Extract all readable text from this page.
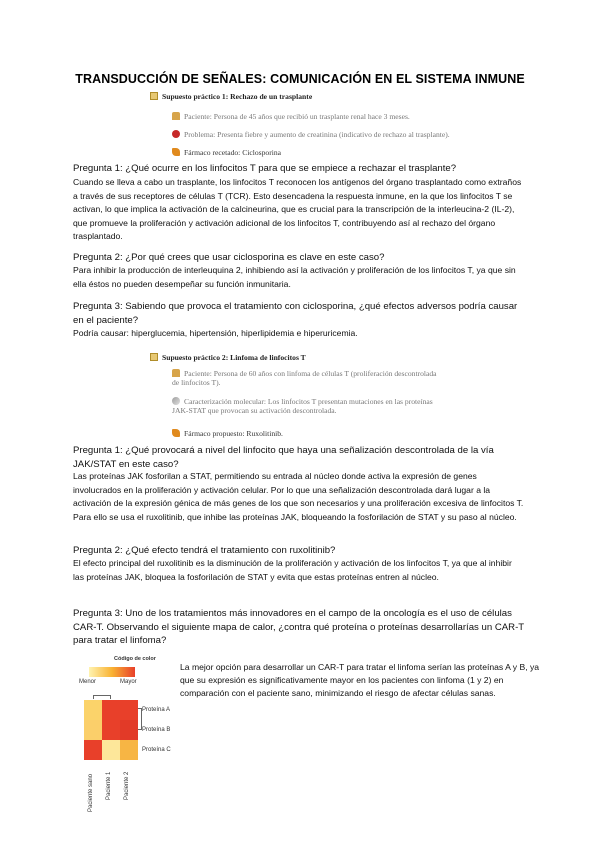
TRANSDUCCIÓN DE SEÑALES: COMUNICACIÓN EN EL SISTEMA INMUNE
Supuesto práctico 1: Rechazo de un trasplante
Paciente: Persona de 45 años que recibió un trasplante renal hace 3 meses.
Problema: Presenta fiebre y aumento de creatinina (indicativo de rechazo al trasplante).
Fármaco recetado: Ciclosporina
Pregunta 1: ¿Qué ocurre en los linfocitos T para que se empiece a rechazar el trasplante?
Cuando se lleva a cabo un trasplante, los linfocitos T reconocen los antígenos del órgano trasplantado como extraños a través de sus receptores de células T (TCR). Esto desencadena la respuesta inmune, en la que los linfocitos T se activan, lo que implica la activación de la calcineurina, que es crucial para la transcripción de la interleucina-2 (IL-2), que promueve la proliferación y activación adicional de los linfocitos T, contribuyendo así al rechazo del órgano trasplantado.
Pregunta 2: ¿Por qué crees que usar ciclosporina es clave en este caso?
Para inhibir la producción de interleuquina 2, inhibiendo así la activación y proliferación de los linfocitos T, ya que sin ella éstos no pueden desempeñar su función inmunitaria.
Pregunta 3: Sabiendo que provoca el tratamiento con ciclosporina, ¿qué efectos adversos podría causar en el paciente?
Podría causar: hiperglucemia, hipertensión, hiperlipidemia e hiperuricemia.
Supuesto práctico 2: Linfoma de linfocitos T
Paciente: Persona de 60 años con linfoma de células T (proliferación descontrolada de linfocitos T).
Caracterización molecular: Los linfocitos T presentan mutaciones en las proteínas JAK-STAT que provocan su activación descontrolada.
Fármaco propuesto: Ruxolitinib.
Pregunta 1: ¿Qué provocará a nivel del linfocito que haya una señalización descontrolada de la vía JAK/STAT en este caso?
Las proteínas JAK fosforilan a STAT, permitiendo su entrada al núcleo donde activa la expresión de genes involucrados en la proliferación y activación celular. Por lo que una señalización descontrolada dará lugar a la activación de la expresión génica de más genes de los que son necesarios y una proliferación excesiva de linfocitos T. Para ello se usa el ruxolitinib, que inhibe las proteínas JAK, bloqueando la fosforilación de STAT y su paso al núcleo.
Pregunta 2: ¿Qué efecto tendrá el tratamiento con ruxolitinib?
El efecto principal del ruxolitinib es la disminución de la proliferación y activación de los linfocitos T, ya que al inhibir las proteínas JAK, bloquea la fosforilación de STAT y evita que estas proteínas entren al núcleo.
Pregunta 3: Uno de los tratamientos más innovadores en el campo de la oncología es el uso de células CAR-T. Observando el siguiente mapa de calor, ¿contra qué proteína o proteínas desarrollarías un CAR-T para tratar el linfoma?
Código de color
Menor	Mayor
Proteína A
Proteína B
Proteína C
Paciente sano Paciente 1 Paciente 2
La mejor opción para desarrollar un CAR-T para tratar el linfoma serían las proteínas A y B, ya que su expresión es significativamente mayor en los pacientes con linfoma (1 y 2) en comparación con el paciente sano, minimizando el riesgo de afectar células sanas.
